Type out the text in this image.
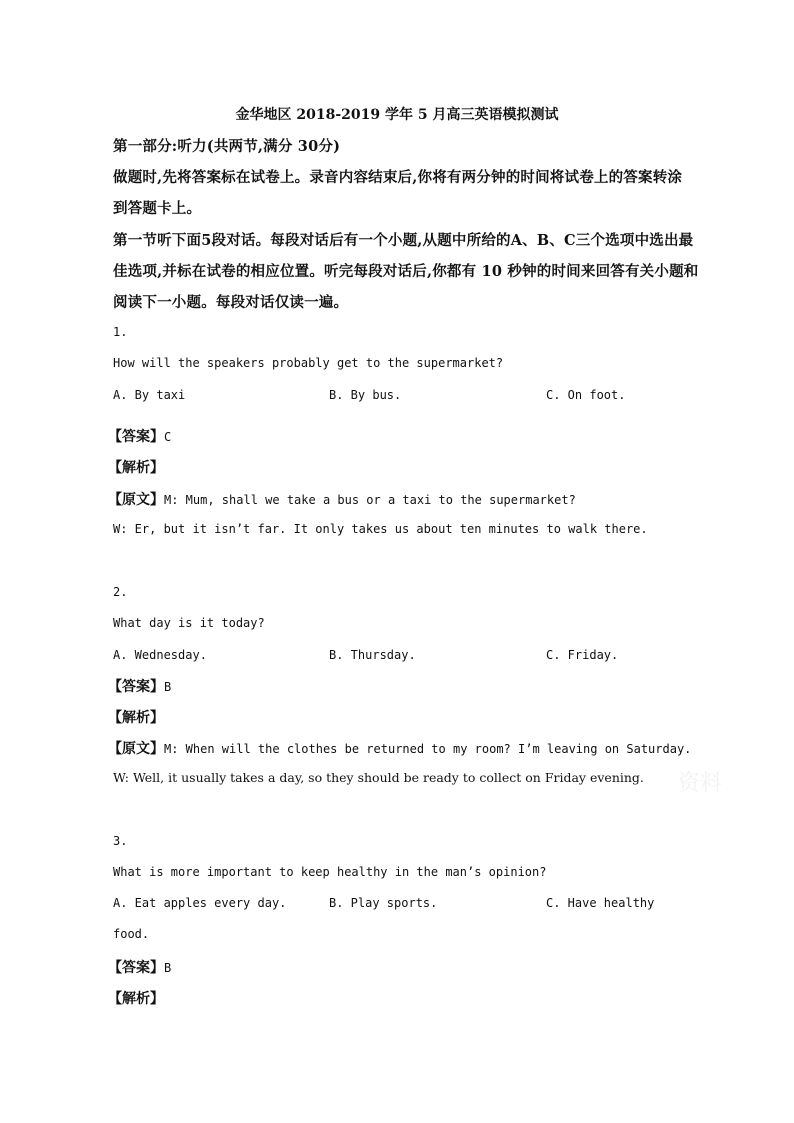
金华地区 2018-2019 学年 5 月高三英语模拟测试
第一部分:听力(共两节,满分 30分)
做题时,先将答案标在试卷上。录音内容结束后,你将有两分钟的时间将试卷上的答案转涂
到答题卡上。
第一节听下面5段对话。每段对话后有一个小题,从题中所给的A、B、C三个选项中选出最
佳选项,并标在试卷的相应位置。听完每段对话后,你都有 10 秒钟的时间来回答有关小题和
阅读下一小题。每段对话仅读一遍。
1.
How will the speakers probably get to the supermarket?
A. By taxi	B. By bus.	C. On foot.
【答案】C
【解析】
【原文】M: Mum, shall we take a bus or a taxi to the supermarket?
W: Er, but it isn’t far. It only takes us about ten minutes to walk there.
2.
What day is it today?
A. Wednesday.	B. Thursday.	C. Friday.
【答案】B
【解析】
【原文】M: When will the clothes be returned to my room? I’m leaving on Saturday.
W: Well, it usually takes a day, so they should be ready to collect on Friday evening. 资料
3.
What is more important to keep healthy in the man’s opinion?
A. Eat apples every day.	B. Play sports.	C. Have healthy
food.
【答案】B
【解析】
